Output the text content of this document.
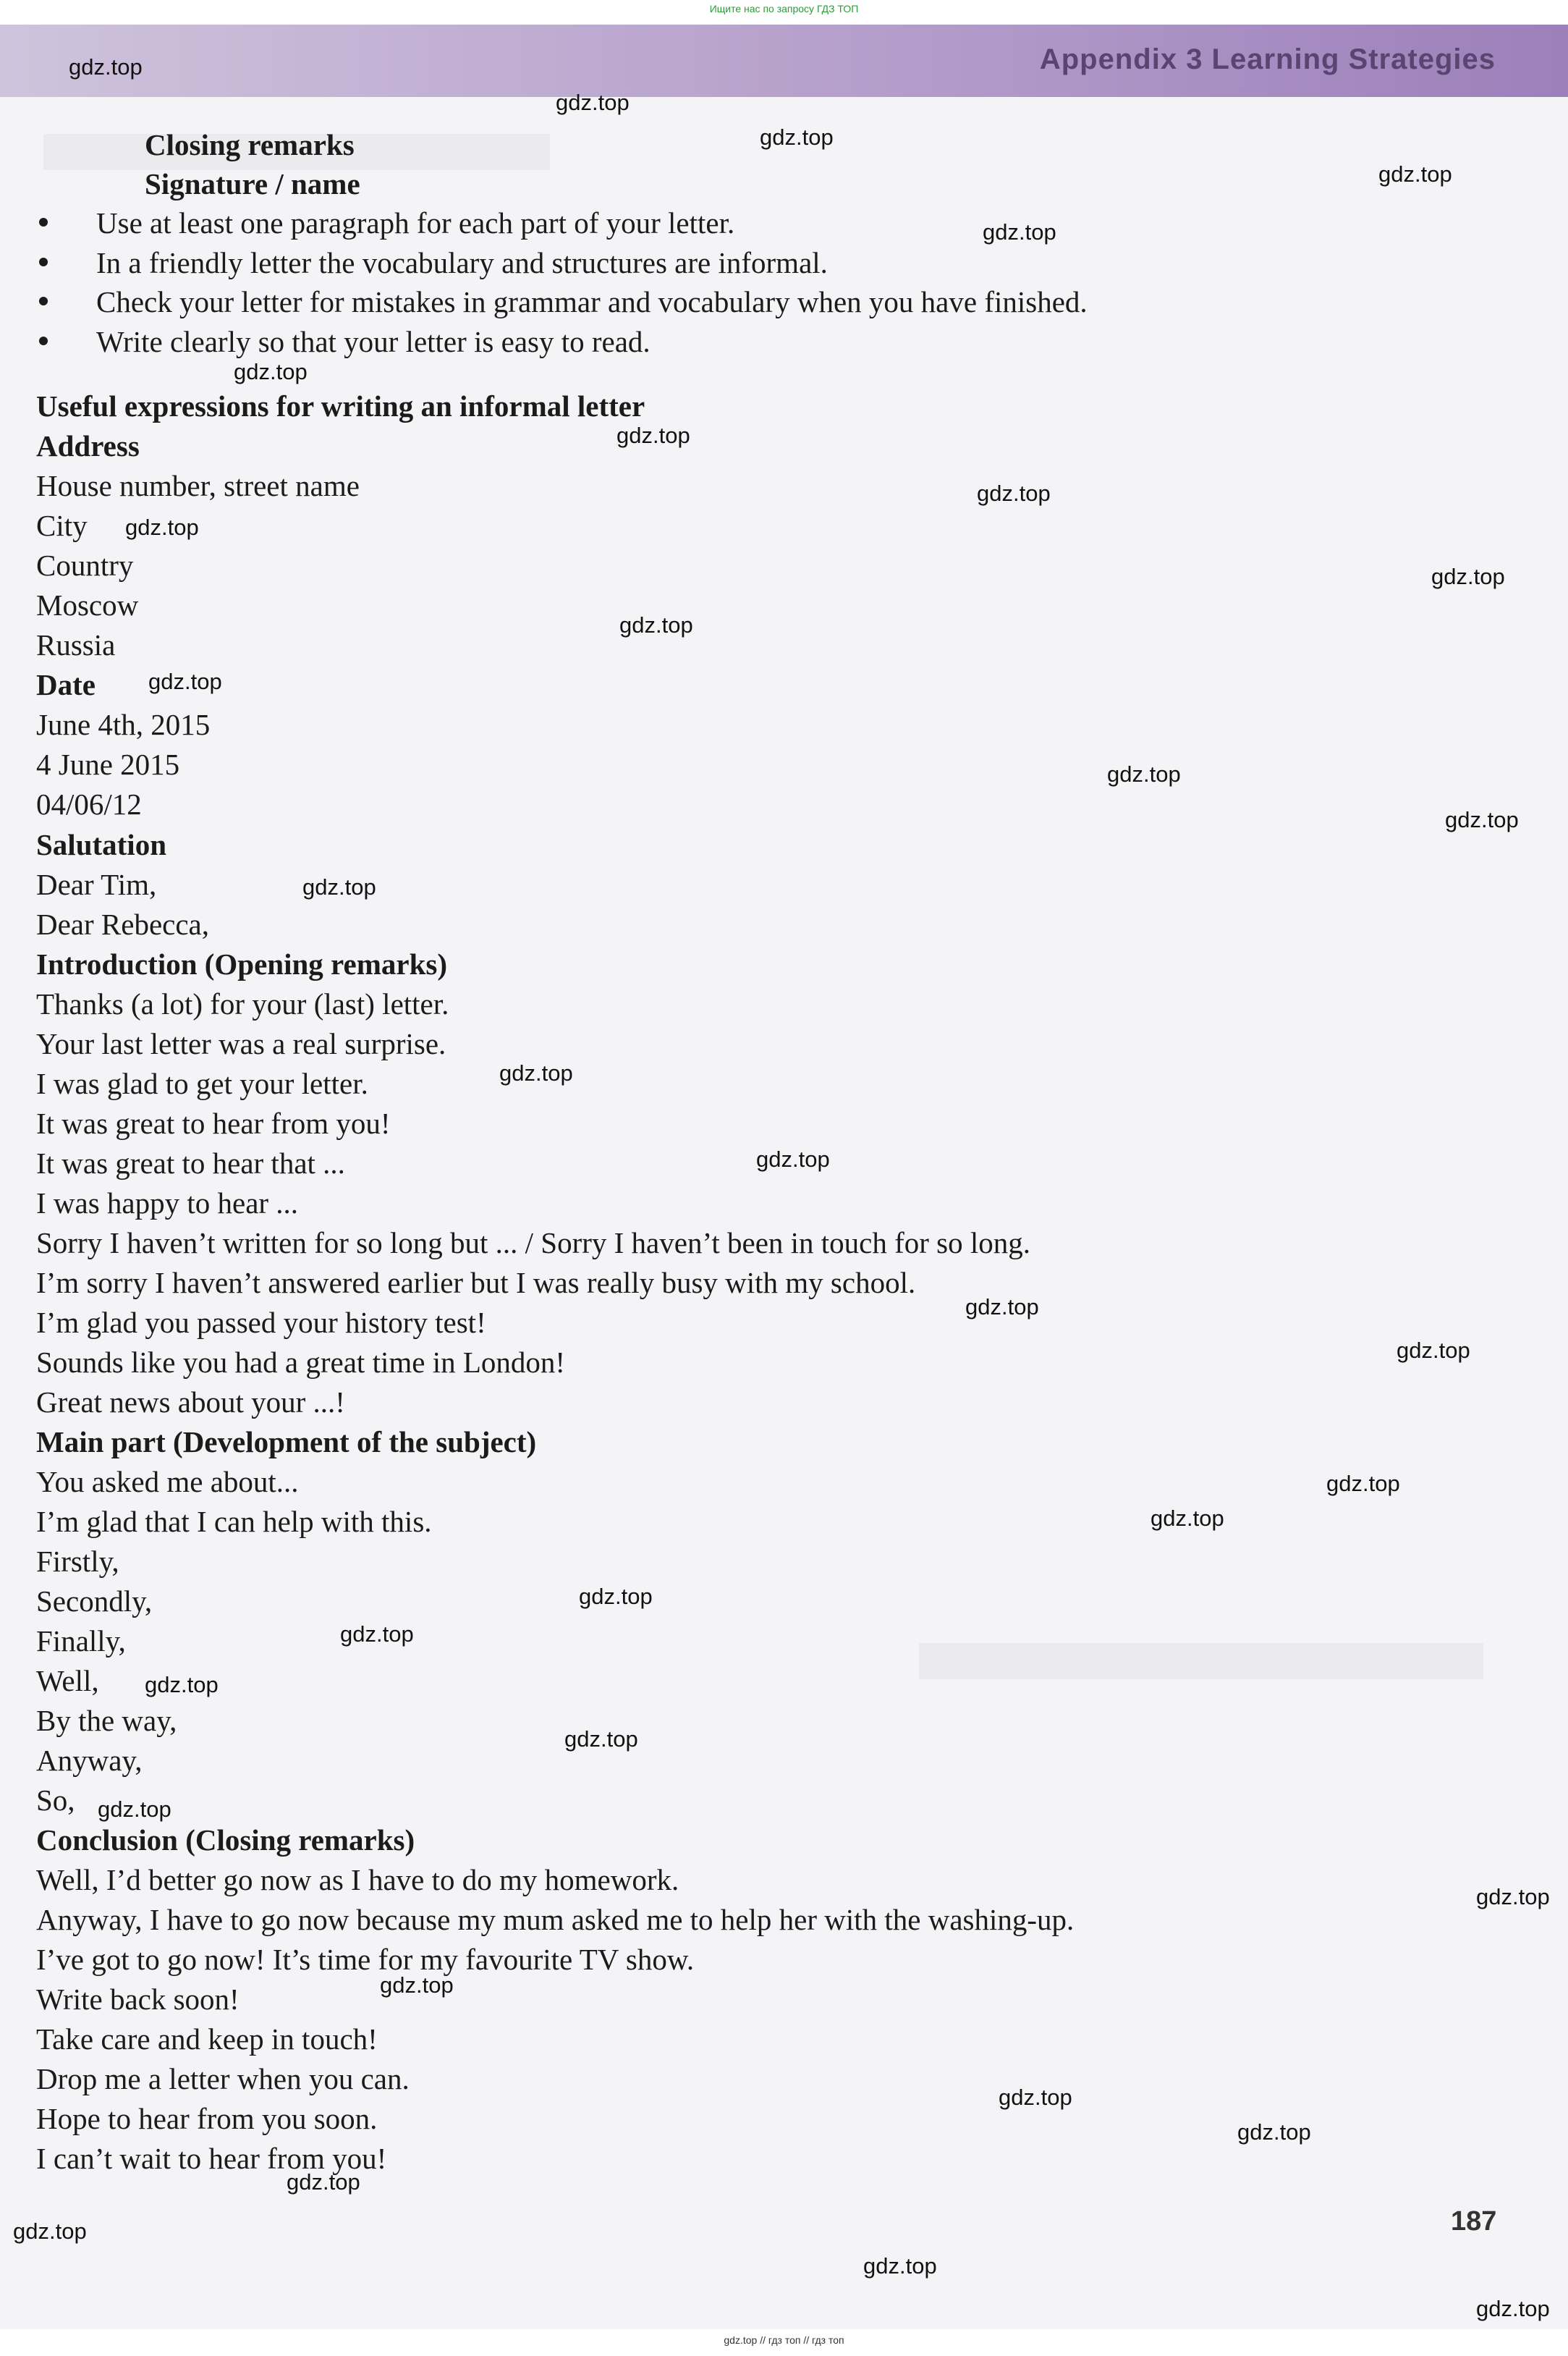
Ищите нас по запросу ГДЗ ТОП
Appendix 3 Learning Strategies
Closing remarks
Signature / name
Use at least one paragraph for each part of your letter.
In a friendly letter the vocabulary and structures are informal.
Check your letter for mistakes in grammar and vocabulary when you have finished.
Write clearly so that your letter is easy to read.
Useful expressions for writing an informal letter
Address
House number, street name
City
Country
Moscow
Russia
Date
June 4th, 2015
4 June 2015
04/06/12
Salutation
Dear Tim,
Dear Rebecca,
Introduction (Opening remarks)
Thanks (a lot) for your (last) letter.
Your last letter was a real surprise.
I was glad to get your letter.
It was great to hear from you!
It was great to hear that ...
I was happy to hear ...
Sorry I haven’t written for so long but ... / Sorry I haven’t been in touch for so long.
I’m sorry I haven’t answered earlier but I was really busy with my school.
I’m glad you passed your history test!
Sounds like you had a great time in London!
Great news about your ...!
Main part (Development of the subject)
You asked me about...
I’m glad that I can help with this.
Firstly,
Secondly,
Finally,
Well,
By the way,
Anyway,
So,
Conclusion (Closing remarks)
Well, I’d better go now as I have to do my homework.
Anyway, I have to go now because my mum asked me to help her with the washing-up.
I’ve got to go now! It’s time for my favourite TV show.
Write back soon!
Take care and keep in touch!
Drop me a letter when you can.
Hope to hear from you soon.
I can’t wait to hear from you!
187
gdz.top
gdz.top
gdz.top
gdz.top
gdz.top
gdz.top
gdz.top
gdz.top
gdz.top
gdz.top
gdz.top
gdz.top
gdz.top
gdz.top
gdz.top
gdz.top
gdz.top
gdz.top
gdz.top
gdz.top
gdz.top
gdz.top
gdz.top
gdz.top
gdz.top
gdz.top
gdz.top
gdz.top
gdz.top
gdz.top
gdz.top
gdz.top
gdz.top
gdz.top
gdz.top // гдз топ // гдз топ
